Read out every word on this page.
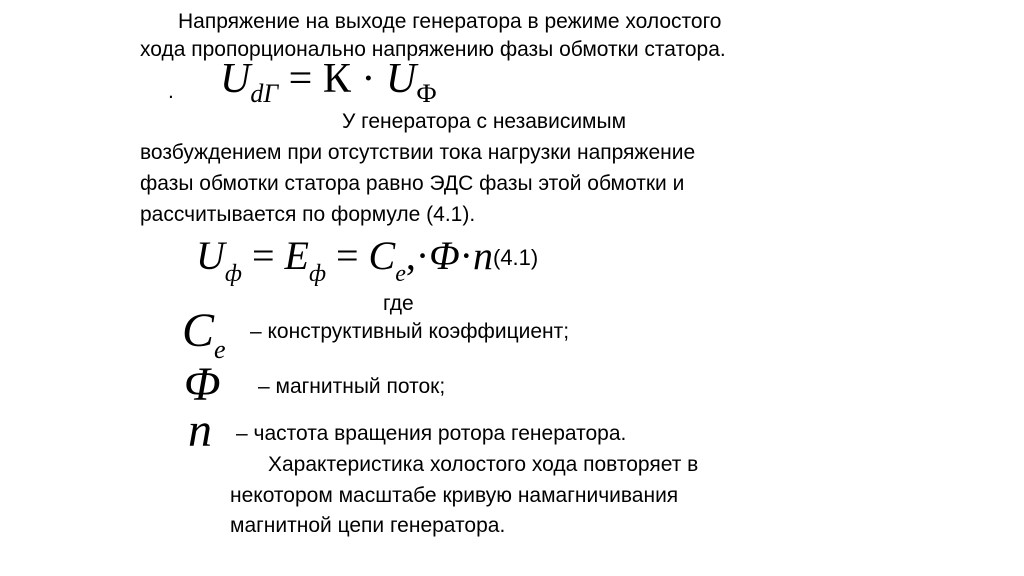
Напряжение на выходе генератора в режиме холостого
хода пропорционально напряжению фазы обмотки статора.
. $U_{dГ} = К \cdot U_Ф$
У генератора с независимым
возбуждением при отсутствии тока нагрузки напряжение
фазы обмотки статора равно ЭДС фазы этой обмотки и
рассчитывается по формуле (4.1).
$U_ф = E_ф = C_e,\cdot\Phi\cdot n(4.1)$
где
$C_e$
– конструктивный коэффициент;
Φ – магнитный поток;
n – частота вращения ротора генератора.
Характеристика холостого хода повторяет в
некотором масштабе кривую намагничивания
магнитной цепи генератора.
